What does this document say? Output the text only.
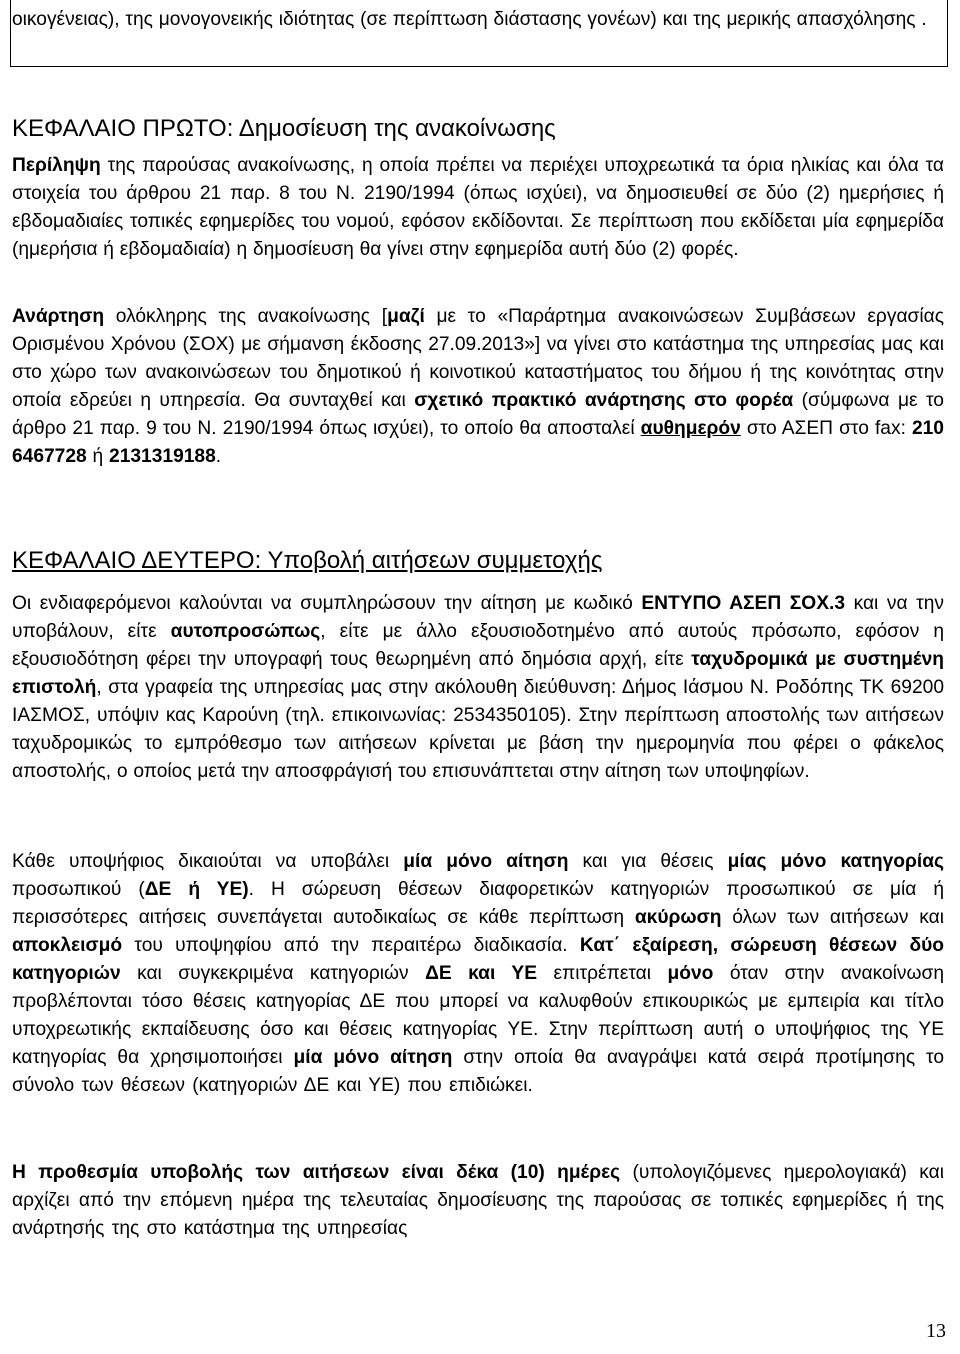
οικογένειας), της μονογονεικής ιδιότητας (σε περίπτωση διάστασης γονέων) και της μερικής απασχόλησης .

ΚΕΦΑΛΑΙΟ ΠΡΩΤΟ: Δημοσίευση της ανακοίνωσης

Περίληψη της παρούσας ανακοίνωσης, η οποία πρέπει να περιέχει υποχρεωτικά τα όρια ηλικίας και όλα τα στοιχεία του άρθρου 21 παρ. 8 του Ν. 2190/1994 (όπως ισχύει), να δημοσιευθεί σε δύο (2) ημερήσιες ή εβδομαδιαίες τοπικές εφημερίδες του νομού, εφόσον εκδίδονται. Σε περίπτωση που εκδίδεται μία εφημερίδα (ημερήσια ή εβδομαδιαία) η δημοσίευση θα γίνει στην εφημερίδα αυτή δύο (2) φορές.

Ανάρτηση ολόκληρης της ανακοίνωσης [μαζί με το «Παράρτημα ανακοινώσεων Συμβάσεων εργασίας Ορισμένου Χρόνου (ΣΟΧ) με σήμανση έκδοσης 27.09.2013»] να γίνει στο κατάστημα της υπηρεσίας μας και στο χώρο των ανακοινώσεων του δημοτικού ή κοινοτικού καταστήματος του δήμου ή της κοινότητας στην οποία εδρεύει η υπηρεσία. Θα συνταχθεί και σχετικό πρακτικό ανάρτησης στο φορέα (σύμφωνα με το άρθρο 21 παρ. 9 του Ν. 2190/1994 όπως ισχύει), το οποίο θα αποσταλεί αυθημερόν στο ΑΣΕΠ στο fax: 210 6467728 ή 2131319188.

ΚΕΦΑΛΑΙΟ ΔΕΥΤΕΡΟ: Υποβολή αιτήσεων συμμετοχής

Οι ενδιαφερόμενοι καλούνται να συμπληρώσουν την αίτηση με κωδικό ΕΝΤΥΠΟ ΑΣΕΠ ΣΟΧ.3 και να την υποβάλουν, είτε αυτοπροσώπως, είτε με άλλο εξουσιοδοτημένο από αυτούς πρόσωπο, εφόσον η εξουσιοδότηση φέρει την υπογραφή τους θεωρημένη από δημόσια αρχή, είτε ταχυδρομικά με συστημένη επιστολή, στα γραφεία της υπηρεσίας μας στην ακόλουθη διεύθυνση: Δήμος Ιάσμου Ν. Ροδόπης ΤΚ 69200 ΙΑΣΜΟΣ, υπόψιν κας Καρούνη (τηλ. επικοινωνίας: 2534350105). Στην περίπτωση αποστολής των αιτήσεων ταχυδρομικώς το εμπρόθεσμο των αιτήσεων κρίνεται με βάση την ημερομηνία που φέρει ο φάκελος αποστολής, ο οποίος μετά την αποσφράγισή του επισυνάπτεται στην αίτηση των υποψηφίων.

Κάθε υποψήφιος δικαιούται να υποβάλει μία μόνο αίτηση και για θέσεις μίας μόνο κατηγορίας προσωπικού (ΔΕ ή ΥΕ). Η σώρευση θέσεων διαφορετικών κατηγοριών προσωπικού σε μία ή περισσότερες αιτήσεις συνεπάγεται αυτοδικαίως σε κάθε περίπτωση ακύρωση όλων των αιτήσεων και αποκλεισμό του υποψηφίου από την περαιτέρω διαδικασία. Κατ΄ εξαίρεση, σώρευση θέσεων δύο κατηγοριών και συγκεκριμένα κατηγοριών ΔΕ και ΥΕ επιτρέπεται μόνο όταν στην ανακοίνωση προβλέπονται τόσο θέσεις κατηγορίας ΔΕ που μπορεί να καλυφθούν επικουρικώς με εμπειρία και τίτλο υποχρεωτικής εκπαίδευσης όσο και θέσεις κατηγορίας ΥΕ. Στην περίπτωση αυτή ο υποψήφιος της ΥΕ κατηγορίας θα χρησιμοποιήσει μία μόνο αίτηση στην οποία θα αναγράψει κατά σειρά προτίμησης το σύνολο των θέσεων (κατηγοριών ΔΕ και ΥΕ) που επιδιώκει.

Η προθεσμία υποβολής των αιτήσεων είναι δέκα (10) ημέρες (υπολογιζόμενες ημερολογιακά) και αρχίζει από την επόμενη ημέρα της τελευταίας δημοσίευσης της παρούσας σε τοπικές εφημερίδες ή της ανάρτησής της στο κατάστημα της υπηρεσίας

13
